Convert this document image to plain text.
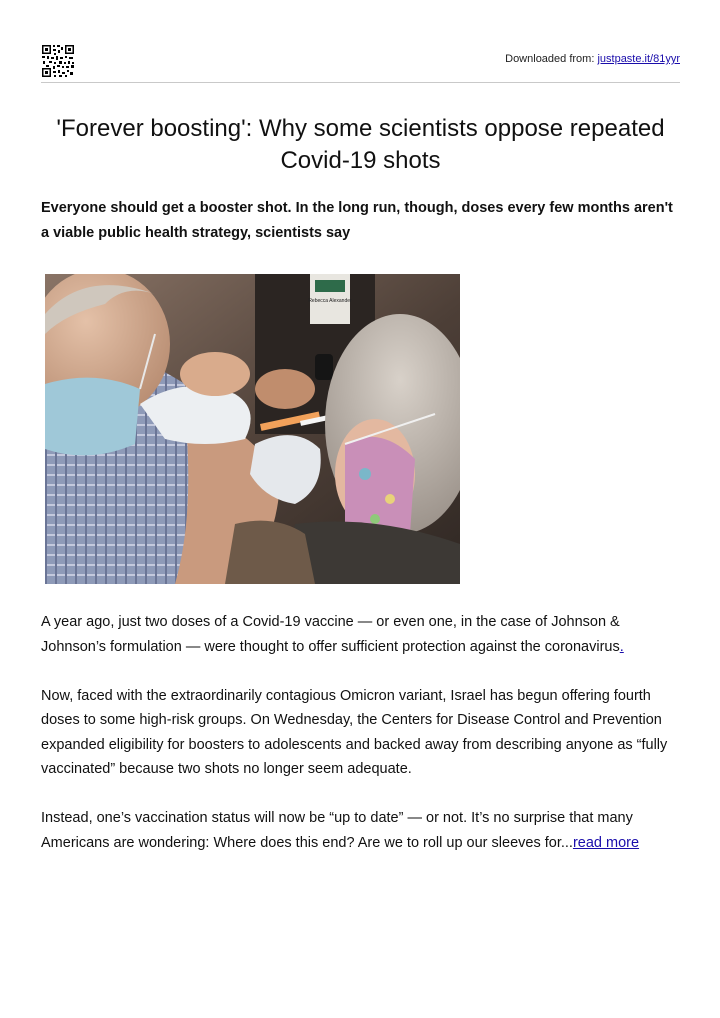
Downloaded from: justpaste.it/81yyr
'Forever boosting': Why some scientists oppose repeated Covid-19 shots

Everyone should get a booster shot. In the long run, though, doses every few months aren't a viable public health strategy, scientists say

Rebecca Alexander

A year ago, just two doses of a Covid-19 vaccine — or even one, in the case of Johnson & Johnson’s formulation — were thought to offer sufficient protection against the coronavirus.

Now, faced with the extraordinarily contagious Omicron variant, Israel has begun offering fourth doses to some high-risk groups. On Wednesday, the Centers for Disease Control and Prevention expanded eligibility for boosters to adolescents and backed away from describing anyone as “fully vaccinated” because two shots no longer seem adequate.

Instead, one’s vaccination status will now be “up to date” — or not. It’s no surprise that many Americans are wondering: Where does this end? Are we to roll up our sleeves for...read more
